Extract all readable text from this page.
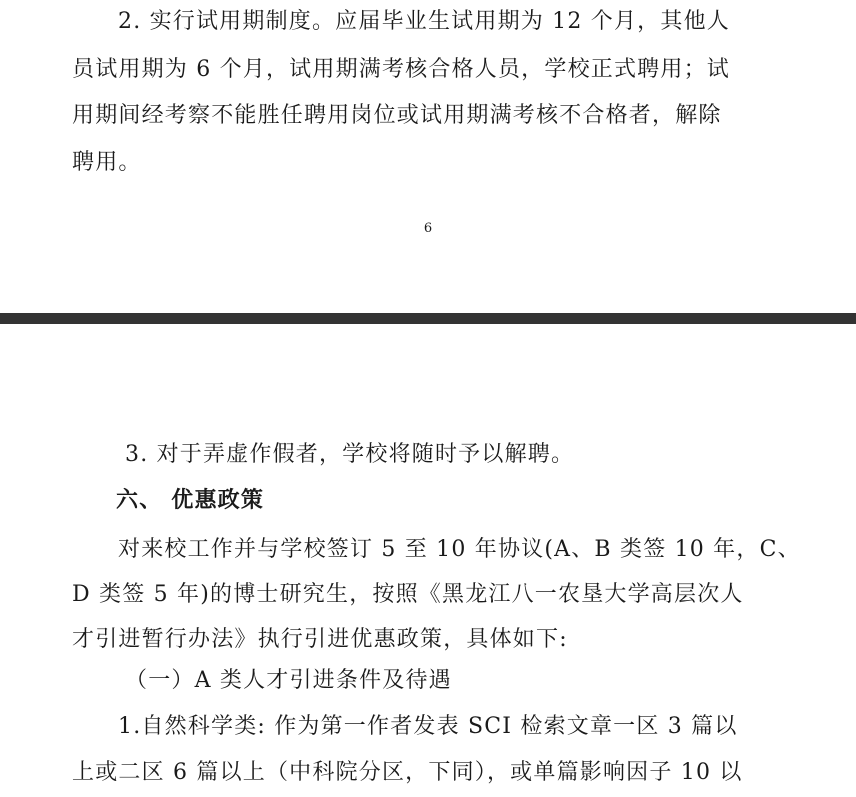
2. 实行试用期制度。应届毕业生试用期为 12 个月，其他人

员试用期为 6 个月，试用期满考核合格人员，学校正式聘用；试

用期间经考察不能胜任聘用岗位或试用期满考核不合格者，解除

聘用。

6

3. 对于弄虚作假者，学校将随时予以解聘。

六、 优惠政策

对来校工作并与学校签订 5 至 10 年协议(A、B 类签 10 年，C、

D 类签 5 年)的博士研究生，按照《黑龙江八一农垦大学高层次人

才引进暂行办法》执行引进优惠政策，具体如下:

（一）A 类人才引进条件及待遇

1.自然科学类: 作为第一作者发表 SCI 检索文章一区 3 篇以

上或二区 6 篇以上（中科院分区，下同），或单篇影响因子 10 以
